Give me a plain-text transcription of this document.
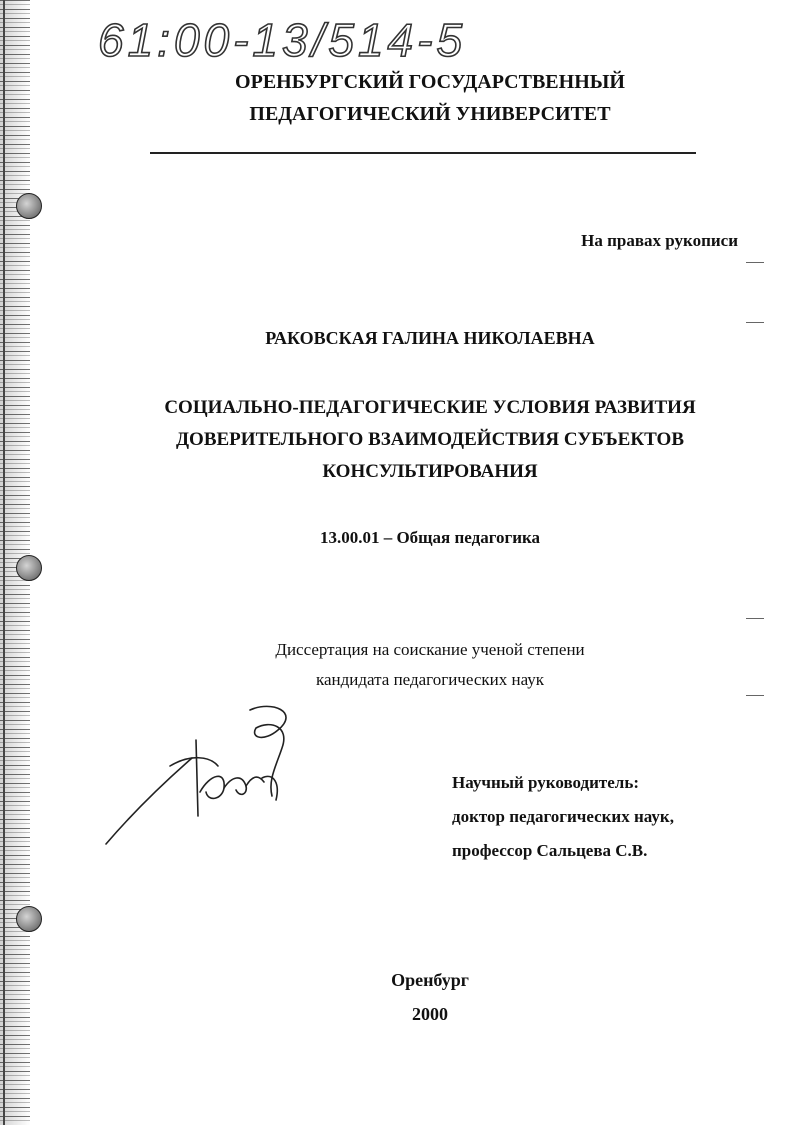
61:00-13/514-5
ОРЕНБУРГСКИЙ ГОСУДАРСТВЕННЫЙ
ПЕДАГОГИЧЕСКИЙ УНИВЕРСИТЕТ
На правах рукописи
РАКОВСКАЯ ГАЛИНА НИКОЛАЕВНА
СОЦИАЛЬНО-ПЕДАГОГИЧЕСКИЕ УСЛОВИЯ РАЗВИТИЯ
ДОВЕРИТЕЛЬНОГО ВЗАИМОДЕЙСТВИЯ СУБЪЕКТОВ
КОНСУЛЬТИРОВАНИЯ
13.00.01 – Общая педагогика
Диссертация на соискание ученой степени
кандидата педагогических наук
Научный руководитель:
доктор педагогических наук,
профессор Сальцева С.В.
Оренбург
2000
